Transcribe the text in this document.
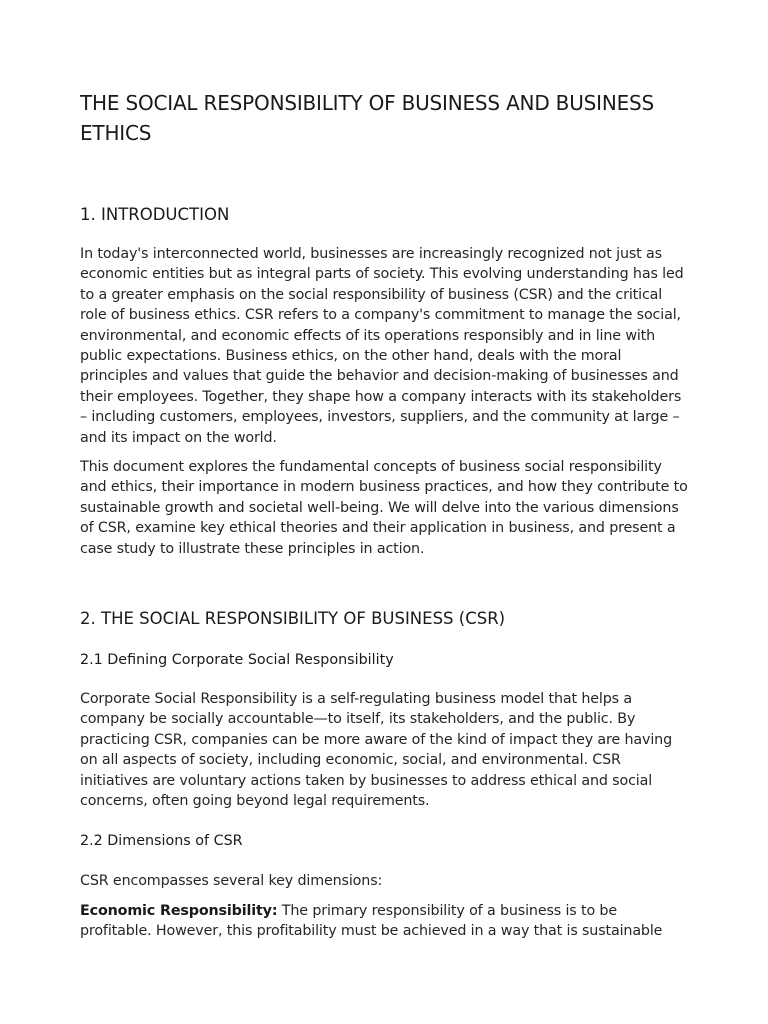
THE SOCIAL RESPONSIBILITY OF BUSINESS AND BUSINESS ETHICS
1. INTRODUCTION

In today's interconnected world, businesses are increasingly recognized not just as economic entities but as integral parts of society. This evolving understanding has led to a greater emphasis on the social responsibility of business (CSR) and the critical role of business ethics. CSR refers to a company's commitment to manage the social, environmental, and economic effects of its operations responsibly and in line with public expectations. Business ethics, on the other hand, deals with the moral principles and values that guide the behavior and decision-making of businesses and their employees. Together, they shape how a company interacts with its stakeholders – including customers, employees, investors, suppliers, and the community at large – and its impact on the world.

This document explores the fundamental concepts of business social responsibility and ethics, their importance in modern business practices, and how they contribute to sustainable growth and societal well-being. We will delve into the various dimensions of CSR, examine key ethical theories and their application in business, and present a case study to illustrate these principles in action.

2. THE SOCIAL RESPONSIBILITY OF BUSINESS (CSR)
2.1 Defining Corporate Social Responsibility

Corporate Social Responsibility is a self-regulating business model that helps a company be socially accountable—to itself, its stakeholders, and the public. By practicing CSR, companies can be more aware of the kind of impact they are having on all aspects of society, including economic, social, and environmental. CSR initiatives are voluntary actions taken by businesses to address ethical and social concerns, often going beyond legal requirements.

2.2 Dimensions of CSR

CSR encompasses several key dimensions:

Economic Responsibility: The primary responsibility of a business is to be profitable. However, this profitability must be achieved in a way that is sustainable
